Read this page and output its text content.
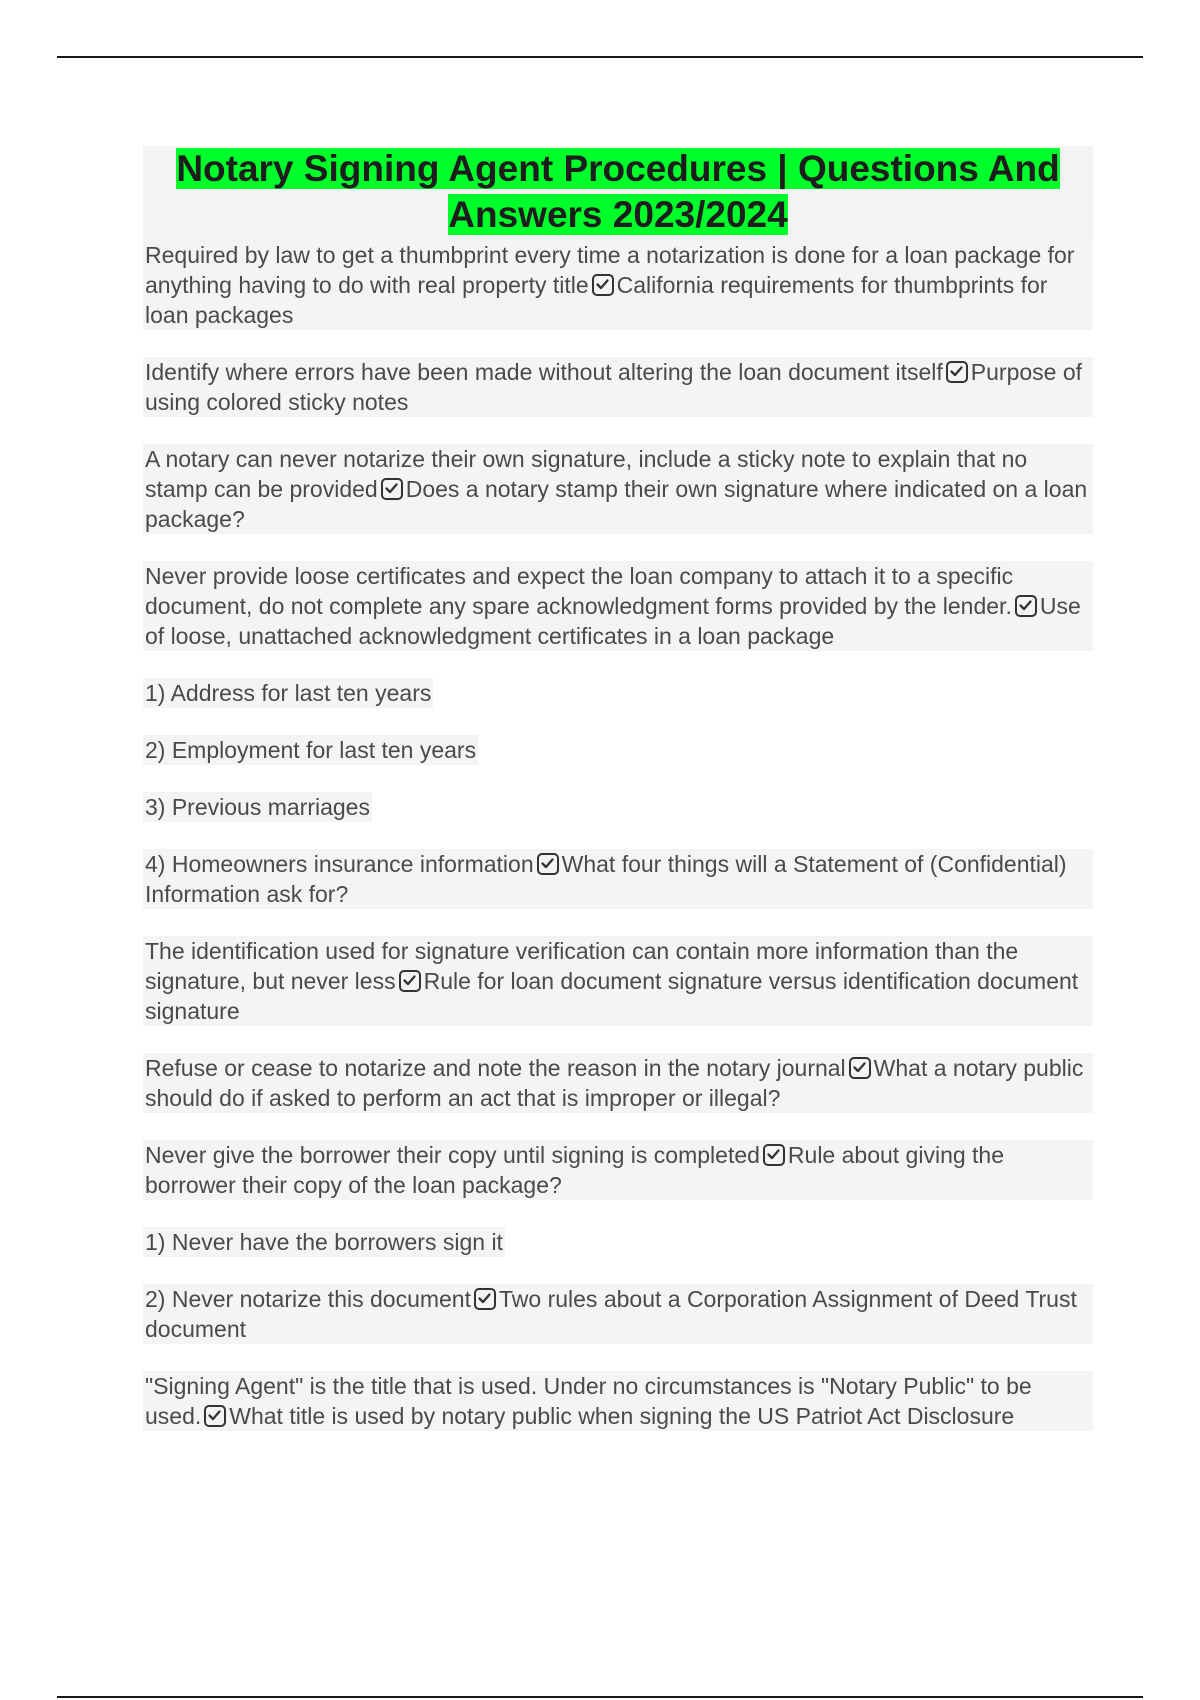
Notary Signing Agent Procedures | Questions And Answers 2023/2024

Required by law to get a thumbprint every time a notarization is done for a loan package for anything having to do with real property title California requirements for thumbprints for loan packages

Identify where errors have been made without altering the loan document itself Purpose of using colored sticky notes

A notary can never notarize their own signature, include a sticky note to explain that no stamp can be provided Does a notary stamp their own signature where indicated on a loan package?

Never provide loose certificates and expect the loan company to attach it to a specific document, do not complete any spare acknowledgment forms provided by the lender. Use of loose, unattached acknowledgment certificates in a loan package

1) Address for last ten years

2) Employment for last ten years

3) Previous marriages

4) Homeowners insurance information What four things will a Statement of (Confidential) Information ask for?

The identification used for signature verification can contain more information than the signature, but never less Rule for loan document signature versus identification document signature

Refuse or cease to notarize and note the reason in the notary journal What a notary public should do if asked to perform an act that is improper or illegal?

Never give the borrower their copy until signing is completed Rule about giving the borrower their copy of the loan package?

1) Never have the borrowers sign it

2) Never notarize this document Two rules about a Corporation Assignment of Deed Trust document

"Signing Agent" is the title that is used. Under no circumstances is "Notary Public" to be used. What title is used by notary public when signing the US Patriot Act Disclosure
